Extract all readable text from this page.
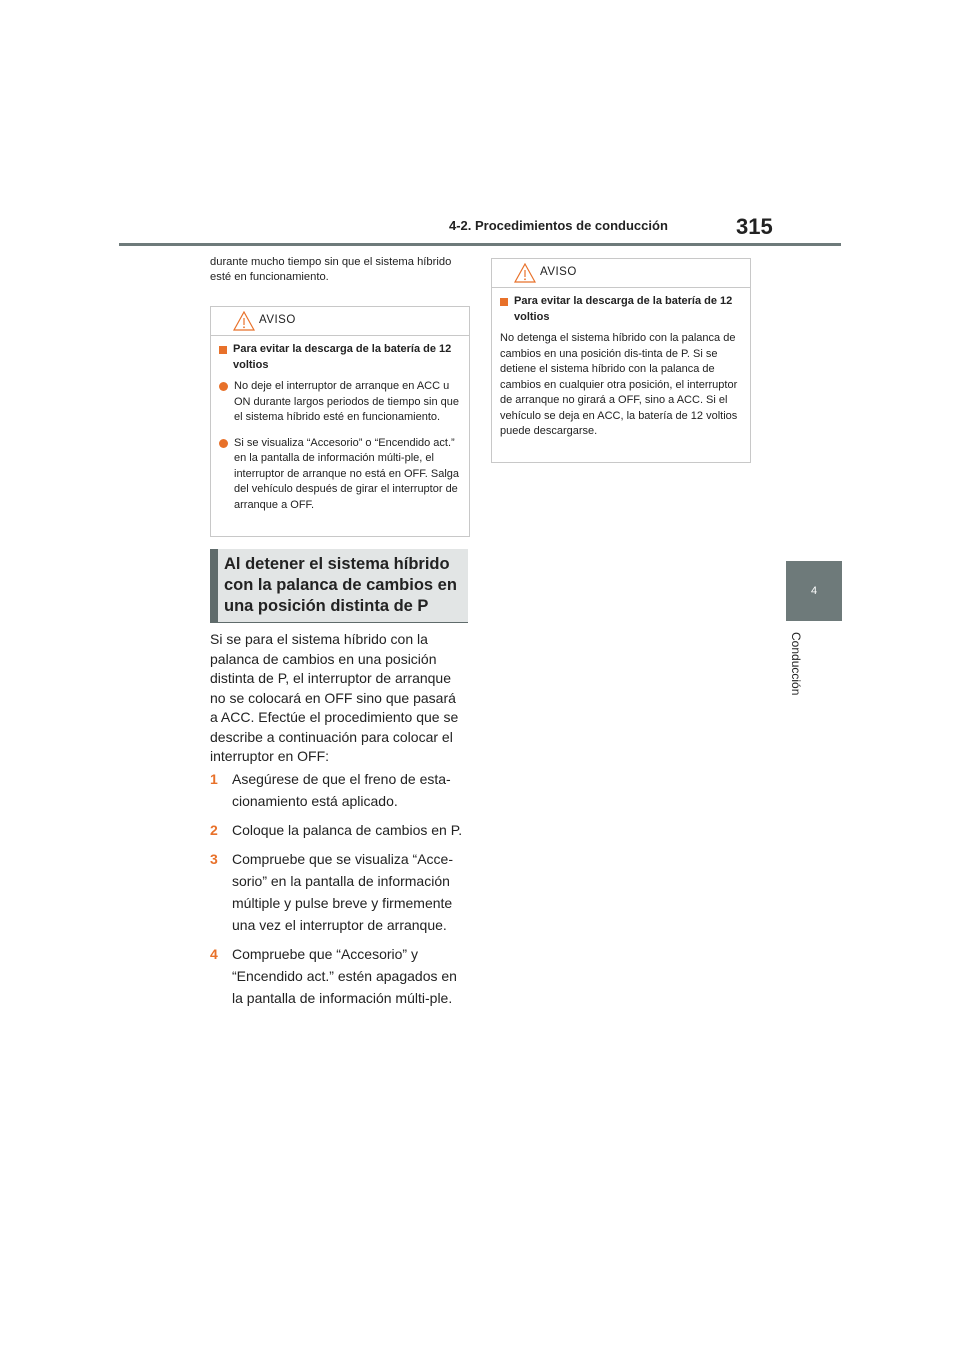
4-2. Procedimientos de conducción	315
4
Conducción
durante mucho tiempo sin que el sistema híbrido esté en funcionamiento.
AVISO
Para evitar la descarga de la batería de 12 voltios
No deje el interruptor de arranque en ACC u ON durante largos periodos de tiempo sin que el sistema híbrido esté en funcionamiento.
Si se visualiza “Accesorio” o “Encendido act.” en la pantalla de información múlti-ple, el interruptor de arranque no está en OFF. Salga del vehículo después de girar el interruptor de arranque a OFF.
Al detener el sistema híbrido con la palanca de cambios en una posición distinta de P
Si se para el sistema híbrido con la palanca de cambios en una posición distinta de P, el interruptor de arranque no se colocará en OFF sino que pasará a ACC. Efectúe el procedimiento que se describe a continuación para colocar el interruptor en OFF:
1	Asegúrese de que el freno de esta-cionamiento está aplicado.
2	Coloque la palanca de cambios en P.
3	Compruebe que se visualiza “Acce-sorio” en la pantalla de información múltiple y pulse breve y firmemente una vez el interruptor de arranque.
4	Compruebe que “Accesorio” y “Encendido act.” estén apagados en la pantalla de información múlti-ple.
AVISO
Para evitar la descarga de la batería de 12 voltios
No detenga el sistema híbrido con la palanca de cambios en una posición dis-tinta de P. Si se detiene el sistema híbrido con la palanca de cambios en cualquier otra posición, el interruptor de arranque no girará a OFF, sino a ACC. Si el vehículo se deja en ACC, la batería de 12 voltios puede descargarse.
